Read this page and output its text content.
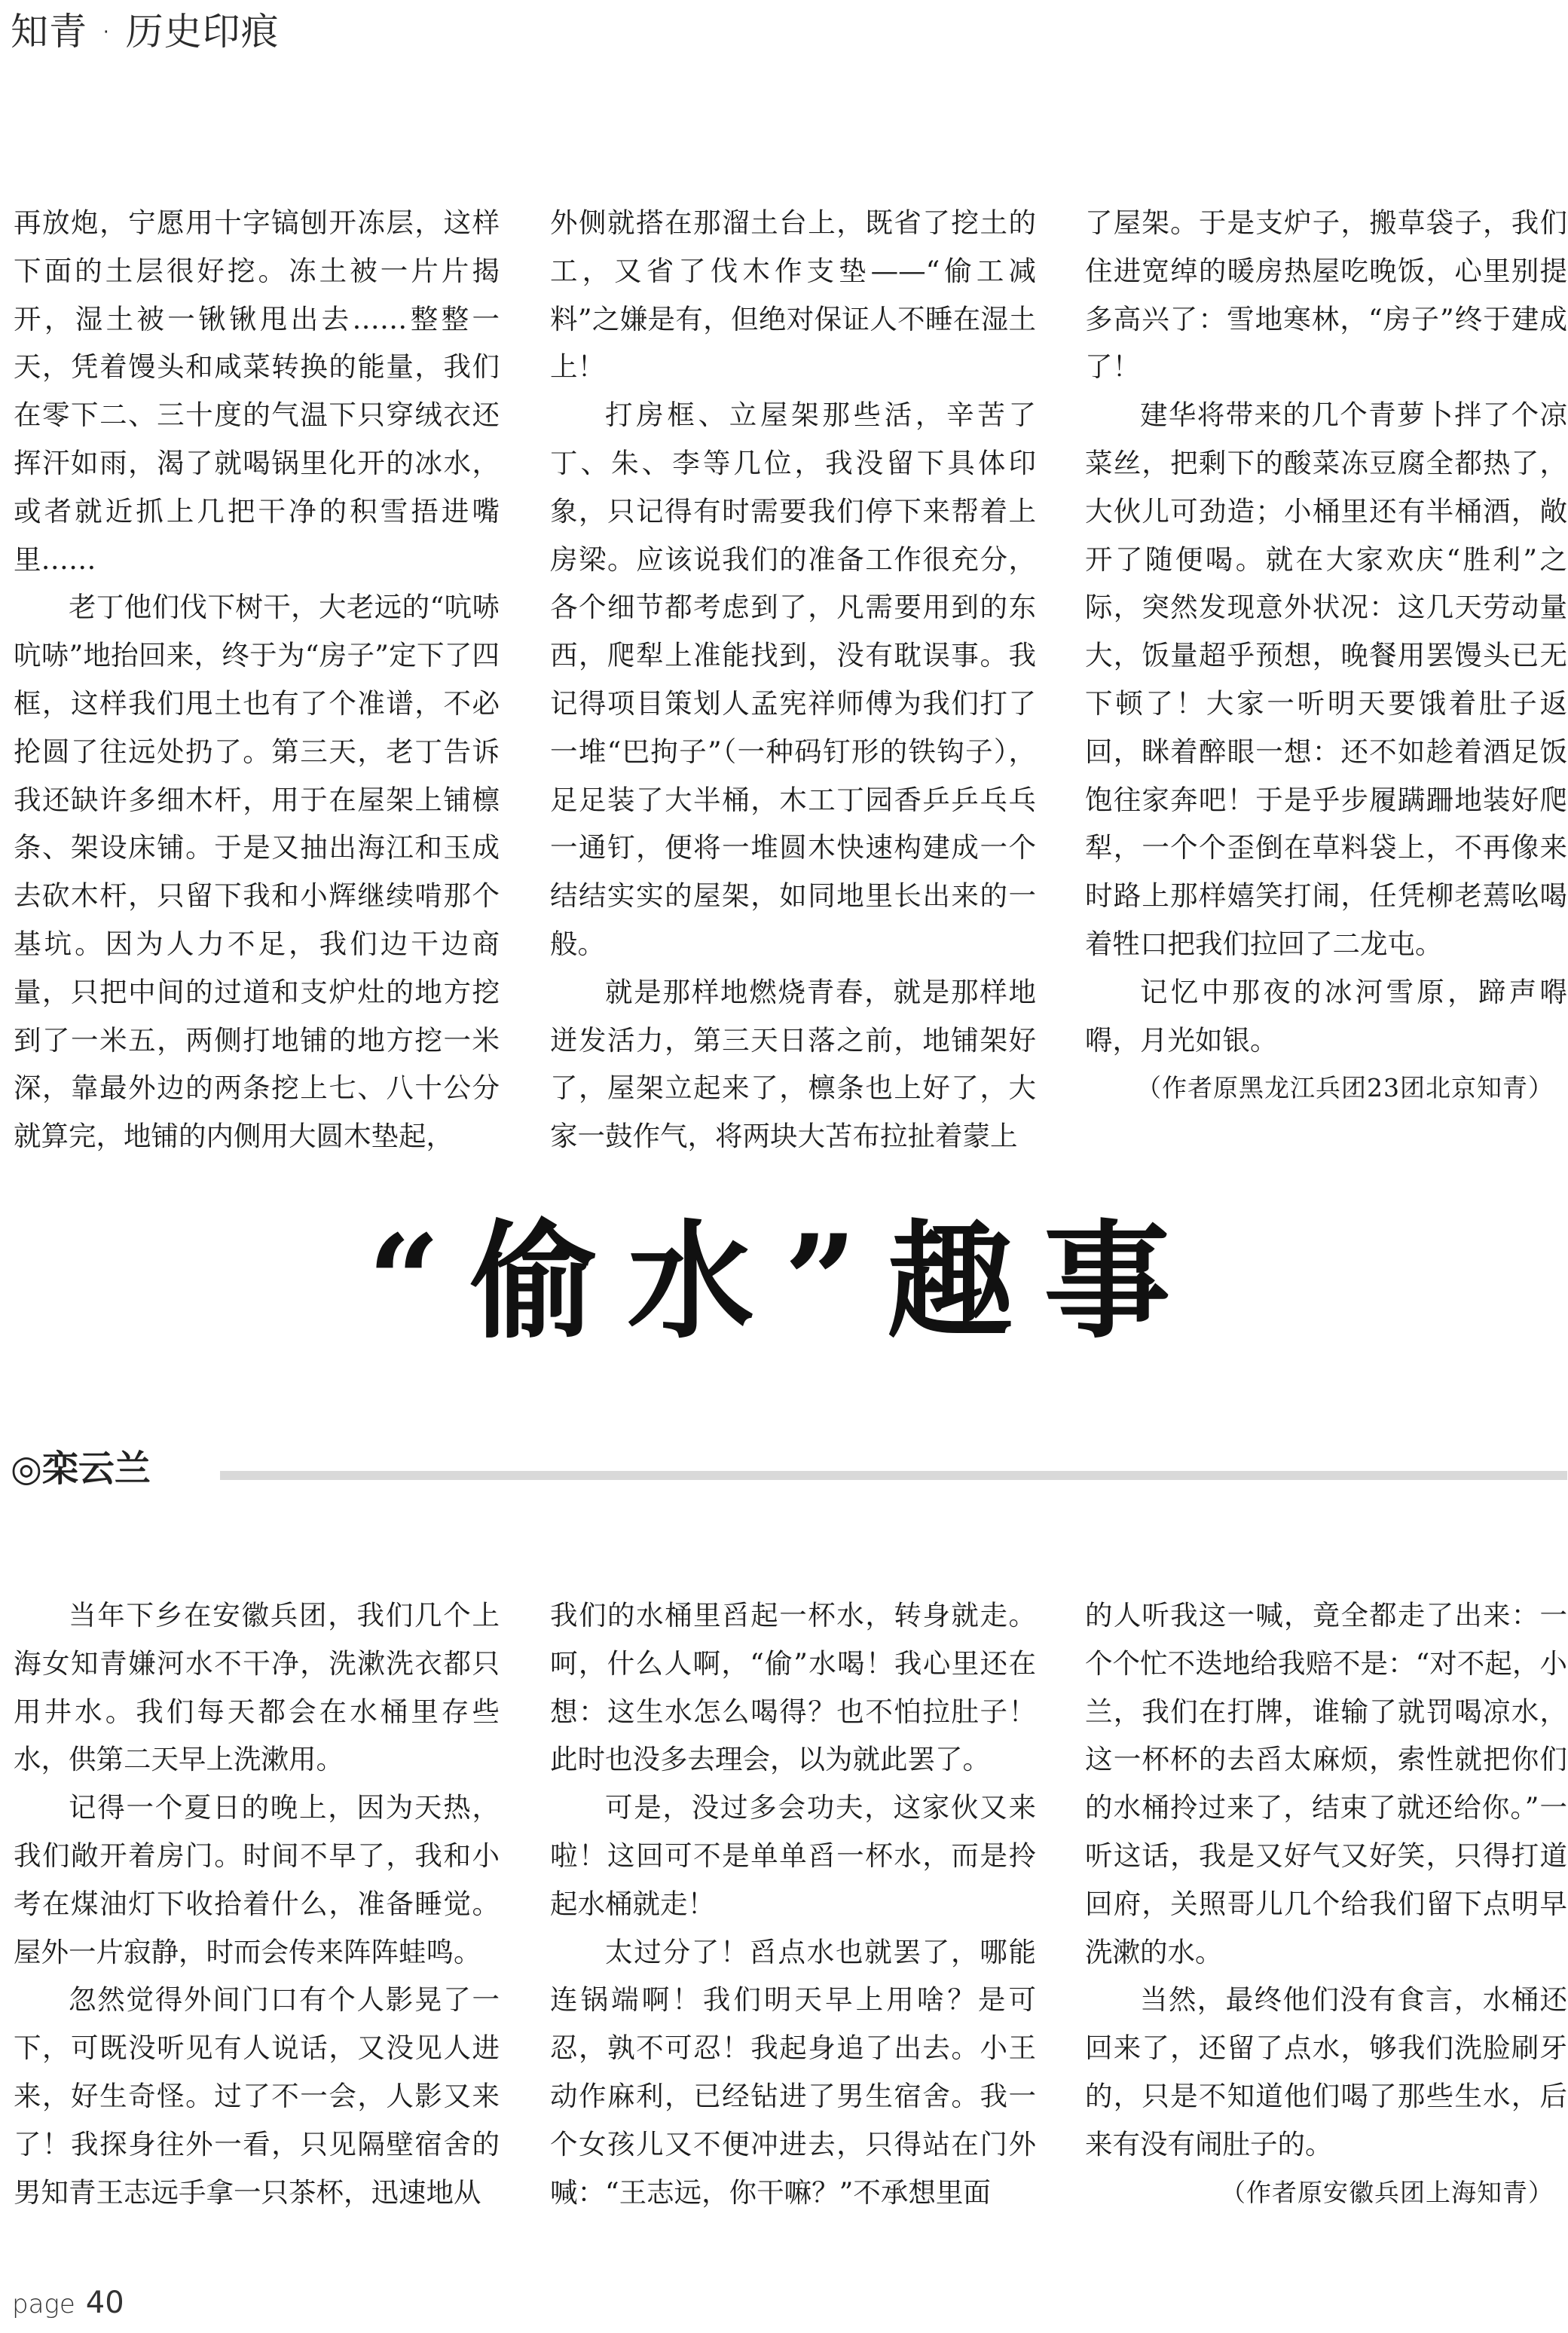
知青 · 历史印痕

再放炮，宁愿用十字镐刨开冻层，这样下面的土层很好挖。冻土被一片片揭开，湿土被一锹锹甩出去……整整一天，凭着馒头和咸菜转换的能量，我们在零下二、三十度的气温下只穿绒衣还挥汗如雨，渴了就喝锅里化开的冰水，或者就近抓上几把干净的积雪捂进嘴里……

老丁他们伐下树干，大老远的“吭哧吭哧”地抬回来，终于为“房子”定下了四框，这样我们甩土也有了个准谱，不必抡圆了往远处扔了。第三天，老丁告诉我还缺许多细木杆，用于在屋架上铺檩条、架设床铺。于是又抽出海江和玉成去砍木杆，只留下我和小辉继续啃那个基坑。因为人力不足，我们边干边商量，只把中间的过道和支炉灶的地方挖到了一米五，两侧打地铺的地方挖一米深，靠最外边的两条挖上七、八十公分就算完，地铺的内侧用大圆木垫起，

外侧就搭在那溜土台上，既省了挖土的工，又省了伐木作支垫——“偷工减料”之嫌是有，但绝对保证人不睡在湿土上！

打房框、立屋架那些活，辛苦了丁、朱、李等几位，我没留下具体印象，只记得有时需要我们停下来帮着上房梁。应该说我们的准备工作很充分，各个细节都考虑到了，凡需要用到的东西，爬犁上准能找到，没有耽误事。我记得项目策划人孟宪祥师傅为我们打了一堆“巴拘子”（一种码钉形的铁钩子），足足装了大半桶，木工丁园香乒乒乓乓一通钉，便将一堆圆木快速构建成一个结结实实的屋架，如同地里长出来的一般。

就是那样地燃烧青春，就是那样地迸发活力，第三天日落之前，地铺架好了，屋架立起来了，檩条也上好了，大家一鼓作气，将两块大苫布拉扯着蒙上

了屋架。于是支炉子，搬草袋子，我们住进宽绰的暖房热屋吃晚饭，心里别提多高兴了：雪地寒林，“房子”终于建成了！

建华将带来的几个青萝卜拌了个凉菜丝，把剩下的酸菜冻豆腐全都热了，大伙儿可劲造；小桶里还有半桶酒，敞开了随便喝。就在大家欢庆“胜利”之际，突然发现意外状况：这几天劳动量大，饭量超乎预想，晚餐用罢馒头已无下顿了！大家一听明天要饿着肚子返回，眯着醉眼一想：还不如趁着酒足饭饱往家奔吧！于是乎步履蹒跚地装好爬犁，一个个歪倒在草料袋上，不再像来时路上那样嬉笑打闹，任凭柳老蔫吆喝着牲口把我们拉回了二龙屯。

记忆中那夜的冰河雪原，蹄声嘚嘚，月光如银。

（作者原黑龙江兵团23团北京知青）

“偷水”趣事
◎栾云兰

当年下乡在安徽兵团，我们几个上海女知青嫌河水不干净，洗漱洗衣都只用井水。我们每天都会在水桶里存些水，供第二天早上洗漱用。

记得一个夏日的晚上，因为天热，我们敞开着房门。时间不早了，我和小考在煤油灯下收拾着什么，准备睡觉。屋外一片寂静，时而会传来阵阵蛙鸣。

忽然觉得外间门口有个人影晃了一下，可既没听见有人说话，又没见人进来，好生奇怪。过了不一会，人影又来了！我探身往外一看，只见隔壁宿舍的男知青王志远手拿一只茶杯，迅速地从

我们的水桶里舀起一杯水，转身就走。呵，什么人啊，“偷”水喝！我心里还在想：这生水怎么喝得？也不怕拉肚子！此时也没多去理会，以为就此罢了。

可是，没过多会功夫，这家伙又来啦！这回可不是单单舀一杯水，而是拎起水桶就走！

太过分了！舀点水也就罢了，哪能连锅端啊！我们明天早上用啥？是可忍，孰不可忍！我起身追了出去。小王动作麻利，已经钻进了男生宿舍。我一个女孩儿又不便冲进去，只得站在门外喊：“王志远，你干嘛？”不承想里面

的人听我这一喊，竟全都走了出来：一个个忙不迭地给我赔不是：“对不起，小兰，我们在打牌，谁输了就罚喝凉水，这一杯杯的去舀太麻烦，索性就把你们的水桶拎过来了，结束了就还给你。”一听这话，我是又好气又好笑，只得打道回府，关照哥儿几个给我们留下点明早洗漱的水。

当然，最终他们没有食言，水桶还回来了，还留了点水，够我们洗脸刷牙的，只是不知道他们喝了那些生水，后来有没有闹肚子的。

（作者原安徽兵团上海知青）

page 40
